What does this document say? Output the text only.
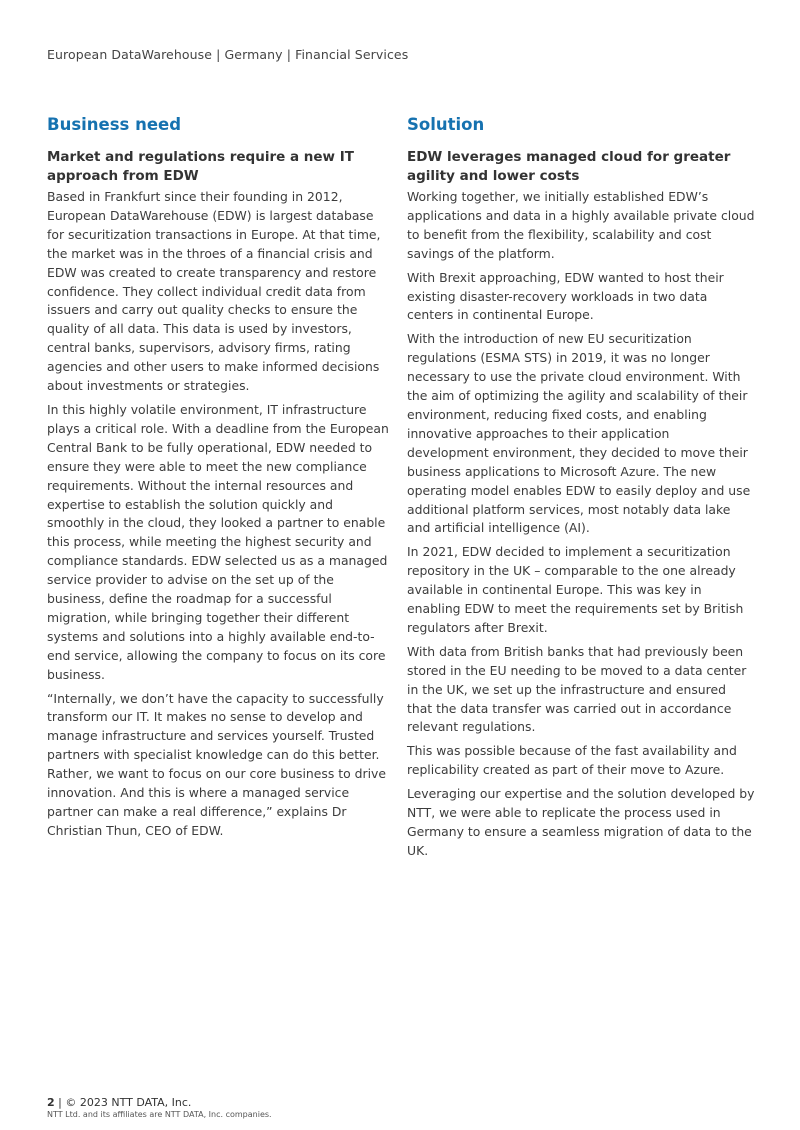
European DataWarehouse | Germany | Financial Services
Business need
Market and regulations require a new IT approach from EDW

Based in Frankfurt since their founding in 2012, European DataWarehouse (EDW) is largest database for securitization transactions in Europe. At that time, the market was in the throes of a financial crisis and EDW was created to create transparency and restore confidence. They collect individual credit data from issuers and carry out quality checks to ensure the quality of all data. This data is used by investors, central banks, supervisors, advisory firms, rating agencies and other users to make informed decisions about investments or strategies.

In this highly volatile environment, IT infrastructure plays a critical role. With a deadline from the European Central Bank to be fully operational, EDW needed to ensure they were able to meet the new compliance requirements. Without the internal resources and expertise to establish the solution quickly and smoothly in the cloud, they looked a partner to enable this process, while meeting the highest security and compliance standards. EDW selected us as a managed service provider to advise on the set up of the business, define the roadmap for a successful migration, while bringing together their different systems and solutions into a highly available end-to-end service, allowing the company to focus on its core business.

“Internally, we don’t have the capacity to successfully transform our IT. It makes no sense to develop and manage infrastructure and services yourself. Trusted partners with specialist knowledge can do this better. Rather, we want to focus on our core business to drive innovation. And this is where a managed service partner can make a real difference,” explains Dr Christian Thun, CEO of EDW.

Solution
EDW leverages managed cloud for greater agility and lower costs

Working together, we initially established EDW’s applications and data in a highly available private cloud to benefit from the flexibility, scalability and cost savings of the platform.

With Brexit approaching, EDW wanted to host their existing disaster-recovery workloads in two data centers in continental Europe.

With the introduction of new EU securitization regulations (ESMA STS) in 2019, it was no longer necessary to use the private cloud environment. With the aim of optimizing the agility and scalability of their environment, reducing fixed costs, and enabling innovative approaches to their application development environment, they decided to move their business applications to Microsoft Azure. The new operating model enables EDW to easily deploy and use additional platform services, most notably data lake and artificial intelligence (AI).

In 2021, EDW decided to implement a securitization repository in the UK – comparable to the one already available in continental Europe. This was key in enabling EDW to meet the requirements set by British regulators after Brexit.

With data from British banks that had previously been stored in the EU needing to be moved to a data center in the UK, we set up the infrastructure and ensured that the data transfer was carried out in accordance relevant regulations.

This was possible because of the fast availability and replicability created as part of their move to Azure.

Leveraging our expertise and the solution developed by NTT, we were able to replicate the process used in Germany to ensure a seamless migration of data to the UK.

2 | © 2023 NTT DATA, Inc.
NTT Ltd. and its affiliates are NTT DATA, Inc. companies.
